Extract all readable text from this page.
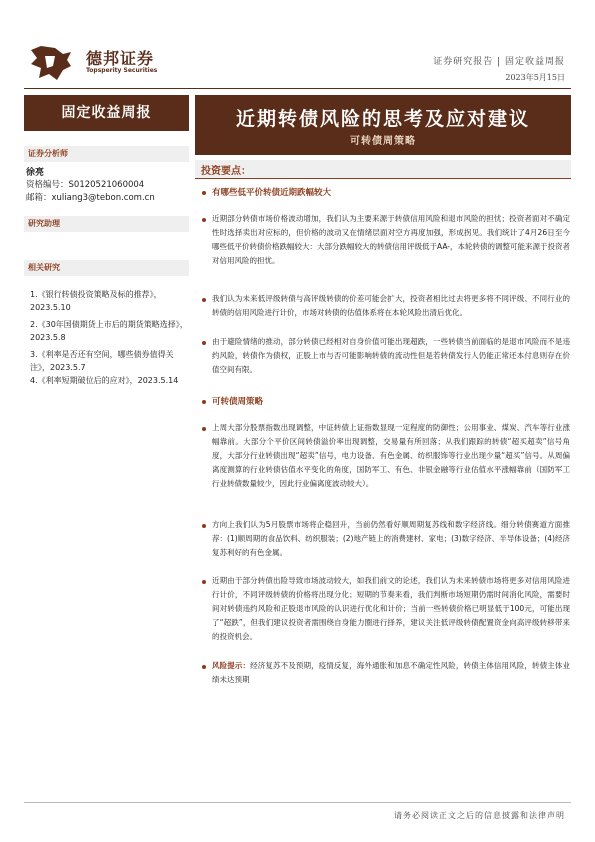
德邦证券
Topsperity Securities
证券研究报告 | 固定收益周报
2023年5月15日
固定收益周报
证券分析师
徐亮
资格编号：S0120521060004
邮箱：xuliang3@tebon.com.cn
研究助理
相关研究
1.《银行转债投资策略及标的推荐》，2023.5.10
2.《30年国债期货上市后的期货策略选择》，2023.5.8
3.《利率是否还有空间，哪些债券值得关注》，2023.5.7
4.《利率短期破位后的应对》，2023.5.14
近期转债风险的思考及应对建议
可转债周策略
投资要点：
有哪些低平价转债近期跌幅较大
近期部分转债市场价格波动增加，我们认为主要来源于转债信用风险和退市风险的担忧；投资者面对不确定性时选择卖出对应标的，但价格的波动又在情绪层面对空方再度加强，形成拐见。我们统计了4月26日至今哪些低平价转债价格跌幅较大：大部分跌幅较大的转债信用评级低于AA-，本轮转债的调整可能来源于投资者对信用风险的担忧。
我们认为未来低评级转债与高评级转债的价差可能会扩大，投资者相比过去将更多将不同评级、不同行业的转债的信用风险进行计价，市场对转债的估值体系将在本轮风险出清后优化。
由于避险情绪的推动，部分转债已经相对自身价值可能出现超跌，一些转债当前面临的是退市风险而不是违约风险，转债作为债权，正股上市与否可能影响转债的流动性但是若转债发行人仍能正常还本付息则存在价值空间有限。
可转债周策略
上周大部分股票指数出现调整，中证转债上证指数显现一定程度的防御性；公用事业、煤炭、汽车等行业涨幅靠前。大部分个平价区间转债溢价率出现调整，交易量有所回落；从我们跟踪的转债“超买超卖”信号角度，大部分行业转债出现“超卖”信号，电力设备、有色金属、纺织服饰等行业出现少量“超买”信号。从周偏离度测算的行业转债估值水平变化的角度，国防军工、有色、非银金融等行业估值水平涨幅靠前（国防军工行业转债数量较少，因此行业偏离度波动较大）。
方向上我们认为5月股票市场将企稳回升，当前仍然看好顺周期复苏线和数字经济线。细分转债赛道方面推荐：(1)顺周期的食品饮料、纺织服装；(2)地产链上的消费建材、家电；(3)数字经济、半导体设备；(4)经济复苏利好的有色金属。
近期由于部分转债出险导致市场波动较大，如我们前文的论述，我们认为未来转债市场将更多对信用风险进行计价，不同评级转债的价格将出现分化；短期的节奏来看，我们判断市场短期仍需时间消化风险，需要时间对转债违约风险和正股退市风险的认识进行优化和计价；当前一些转债价格已明显低于100元，可能出现了“超跌”，但我们建议投资者需围绕自身能力圈进行择养，建议关注低评级转债配置资金向高评级转移带来的投资机会。
风险提示：经济复苏不及预期，疫情反复，海外通胀和加息不确定性风险，转债主体信用风险，转债主体业绩未达预期
请务必阅读正文之后的信息披露和法律声明
